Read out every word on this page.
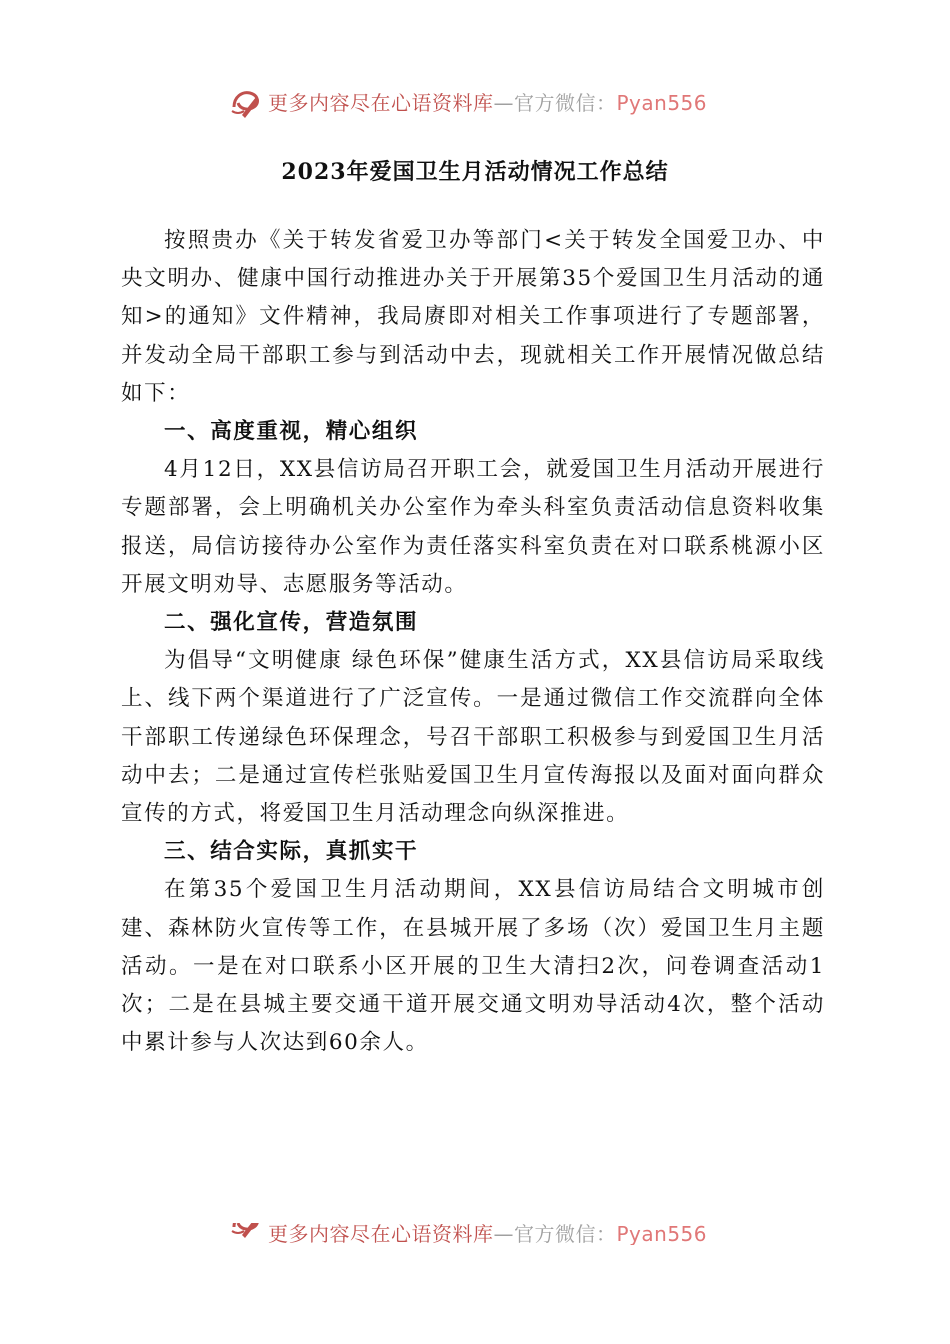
更多内容尽在心语资料库 — 官方微信： Pyan556
2023年爱国卫生月活动情况工作总结

按照贵办《关于转发省爱卫办等部门<关于转发全国爱卫办、中央文明办、健康中国行动推进办关于开展第35个爱国卫生月活动的通知>的通知》文件精神，我局赓即对相关工作事项进行了专题部署，并发动全局干部职工参与到活动中去，现就相关工作开展情况做总结如下：

一、高度重视，精心组织

4月12日，XX县信访局召开职工会，就爱国卫生月活动开展进行专题部署，会上明确机关办公室作为牵头科室负责活动信息资料收集报送，局信访接待办公室作为责任落实科室负责在对口联系桃源小区开展文明劝导、志愿服务等活动。

二、强化宣传，营造氛围

为倡导“文明健康 绿色环保”健康生活方式，XX县信访局采取线上、线下两个渠道进行了广泛宣传。一是通过微信工作交流群向全体干部职工传递绿色环保理念，号召干部职工积极参与到爱国卫生月活动中去；二是通过宣传栏张贴爱国卫生月宣传海报以及面对面向群众宣传的方式，将爱国卫生月活动理念向纵深推进。

三、结合实际，真抓实干

在第35个爱国卫生月活动期间，XX县信访局结合文明城市创建、森林防火宣传等工作，在县城开展了多场（次）爱国卫生月主题活动。一是在对口联系小区开展的卫生大清扫2次，问卷调查活动1次；二是在县城主要交通干道开展交通文明劝导活动4次，整个活动中累计参与人次达到60余人。

更多内容尽在心语资料库 — 官方微信： Pyan556
